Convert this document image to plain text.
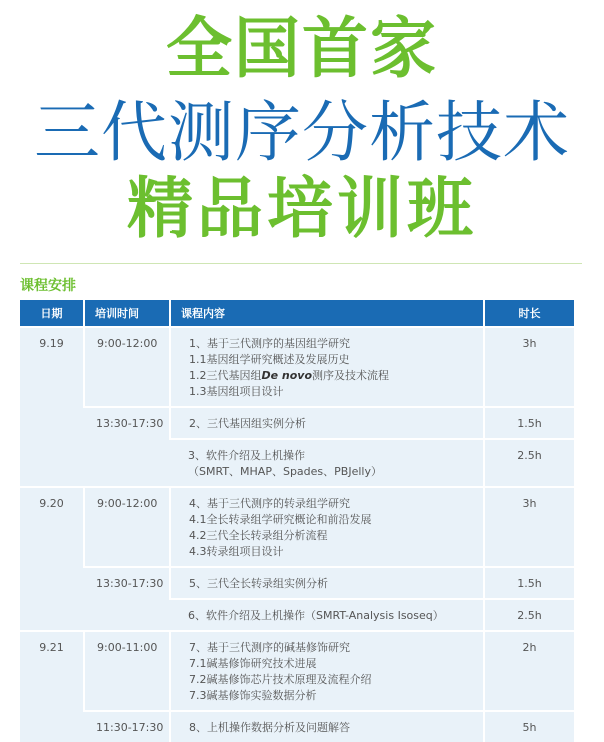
全国首家
三代测序分析技术
精品培训班
课程安排
日期	培训时间	课程内容	时长
9.19	9:00-12:00	1、基于三代测序的基因组学研究
1.1基因组学研究概述及发展历史
1.2三代基因组De novo测序及技术流程
1.3基因组项目设计	3h
	13:30-17:30	2、三代基因组实例分析	1.5h

		3、软件介绍及上机操作
（SMRT、MHAP、Spades、PBJelly）	2.5h
9.20	9:00-12:00	4、基于三代测序的转录组学研究
4.1全长转录组学研究概论和前沿发展
4.2三代全长转录组分析流程
4.3转录组项目设计	3h
	13:30-17:30	5、三代全长转录组实例分析	1.5h

		6、软件介绍及上机操作（SMRT-Analysis Isoseq）	2.5h
9.21	9:00-11:00	7、基于三代测序的碱基修饰研究
7.1碱基修饰研究技术进展
7.2碱基修饰芯片技术原理及流程介绍
7.3碱基修饰实验数据分析	2h
	11:30-17:30	8、上机操作数据分析及问题解答	5h
